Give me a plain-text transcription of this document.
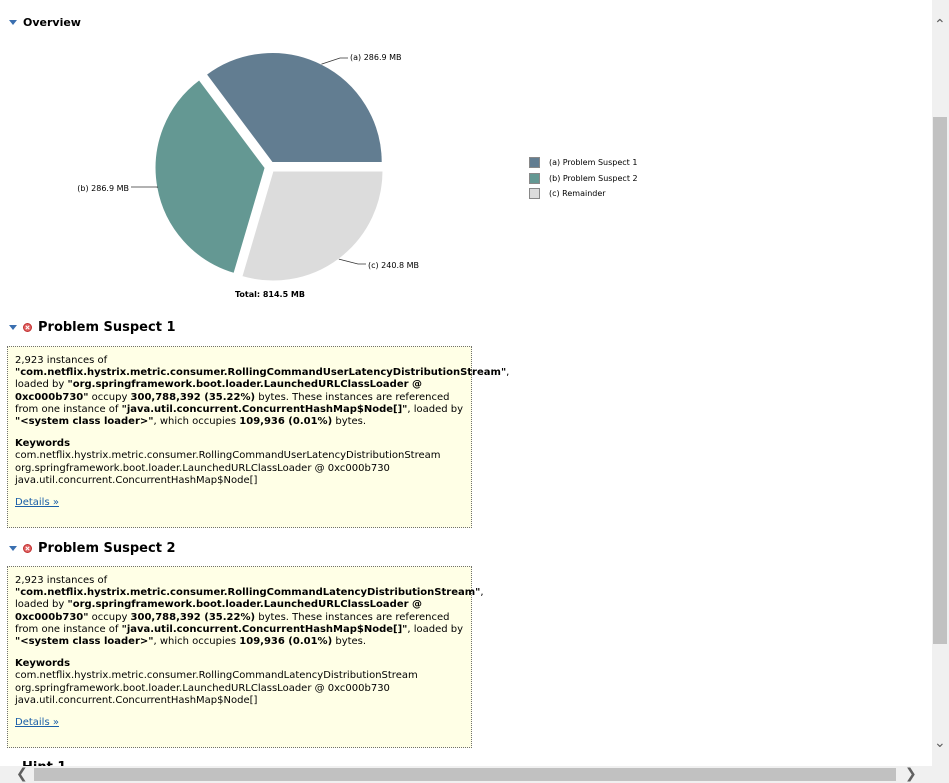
Overview
(a) 286.9 MB
(b) 286.9 MB
(c) 240.8 MB
Total: 814.5 MB
(a) Problem Suspect 1
(b) Problem Suspect 2
(c) Remainder
Problem Suspect 1
2,923 instances of
"com.netflix.hystrix.metric.consumer.RollingCommandUserLatencyDistributionStream", loaded by "org.springframework.boot.loader.LaunchedURLClassLoader @ 0xc000b730" occupy 300,788,392 (35.22%) bytes. These instances are referenced from one instance of "java.util.concurrent.ConcurrentHashMap$Node[]", loaded by "<system class loader>", which occupies 109,936 (0.01%) bytes.
Keywords
com.netflix.hystrix.metric.consumer.RollingCommandUserLatencyDistributionStream
org.springframework.boot.loader.LaunchedURLClassLoader @ 0xc000b730
java.util.concurrent.ConcurrentHashMap$Node[]
Details »
Problem Suspect 2
2,923 instances of
"com.netflix.hystrix.metric.consumer.RollingCommandLatencyDistributionStream", loaded by "org.springframework.boot.loader.LaunchedURLClassLoader @ 0xc000b730" occupy 300,788,392 (35.22%) bytes. These instances are referenced from one instance of "java.util.concurrent.ConcurrentHashMap$Node[]", loaded by "<system class loader>", which occupies 109,936 (0.01%) bytes.
Keywords
com.netflix.hystrix.metric.consumer.RollingCommandLatencyDistributionStream
org.springframework.boot.loader.LaunchedURLClassLoader @ 0xc000b730
java.util.concurrent.ConcurrentHashMap$Node[]
Details »
⌃
⌄
❮	❯
